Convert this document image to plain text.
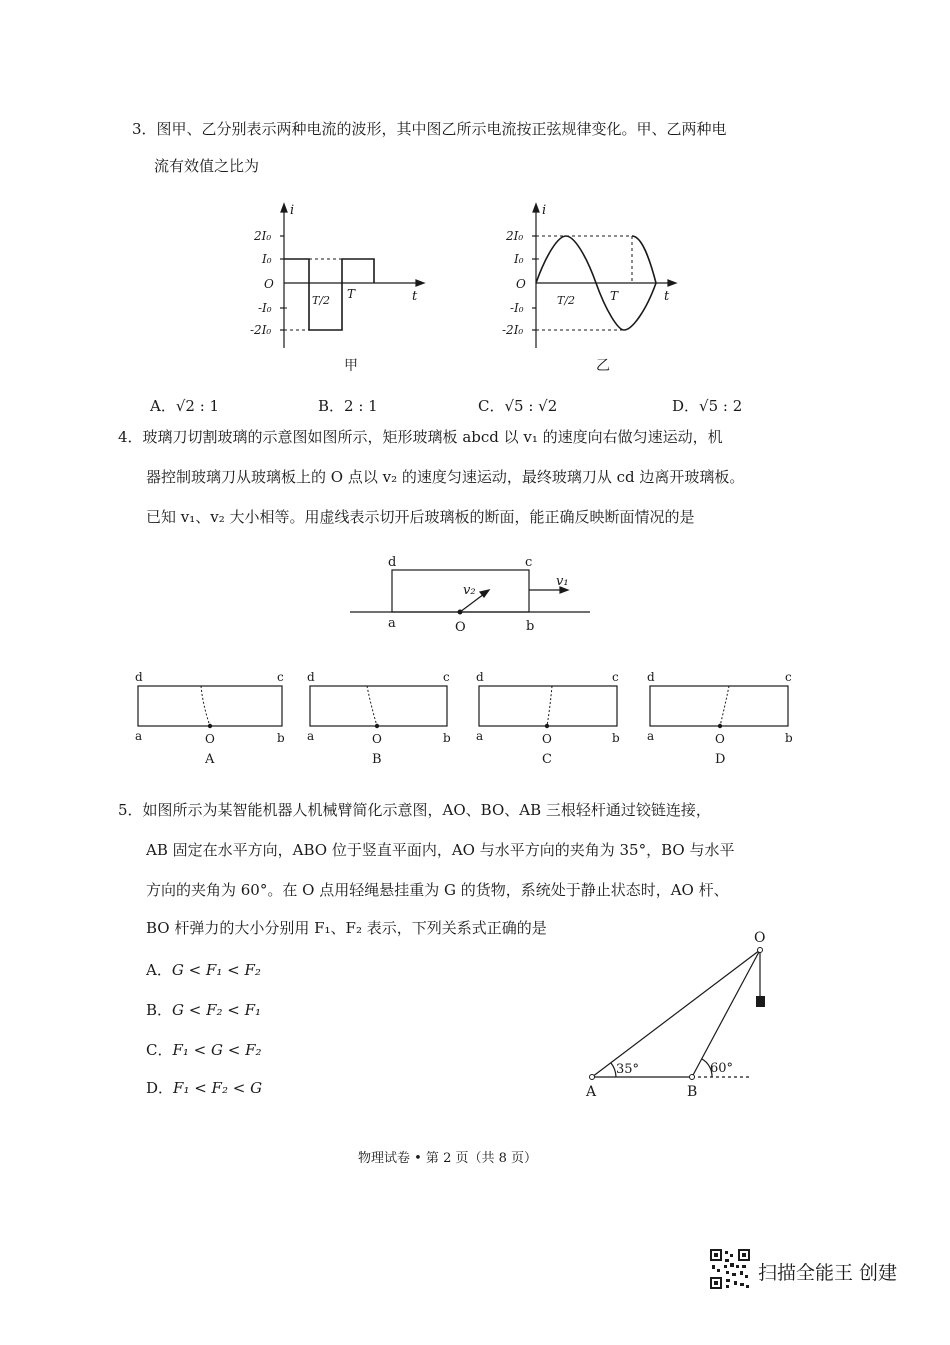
3．图甲、乙分别表示两种电流的波形，其中图乙所示电流按正弦规律变化。甲、乙两种电
流有效值之比为
i
t
O
2I₀
I₀
-I₀
-2I₀
T/2 T
甲
i
t
O
2I₀
I₀
-I₀
-2I₀
T/2	T
乙
A．√2 : 1	B．2 : 1	C．√5 : √2	D．√5 : 2
4．玻璃刀切割玻璃的示意图如图所示，矩形玻璃板 abcd 以 v₁ 的速度向右做匀速运动，机
器控制玻璃刀从玻璃板上的 O 点以 v₂ 的速度匀速运动，最终玻璃刀从 cd 边离开玻璃板。
已知 v₁、v₂ 大小相等。用虚线表示切开后玻璃板的断面，能正确反映断面情况的是
d	c
a	b
O
v₂
v₁
d	c
a	b
O
A
d	c
a	b
O
B
d	c
a	b
O
C
d	c
a	b
O
D
5．如图所示为某智能机器人机械臂简化示意图，AO、BO、AB 三根轻杆通过铰链连接，
AB 固定在水平方向，ABO 位于竖直平面内，AO 与水平方向的夹角为 35°，BO 与水平
方向的夹角为 60°。在 O 点用轻绳悬挂重为 G 的货物，系统处于静止状态时，AO 杆、
BO 杆弹力的大小分别用 F₁、F₂ 表示，下列关系式正确的是
A．G < F₁ < F₂
B．G < F₂ < F₁
C．F₁ < G < F₂
D．F₁ < F₂ < G
O
A	B
35°	60°
物理试卷 • 第 2 页（共 8 页）
扫描全能王 创建
